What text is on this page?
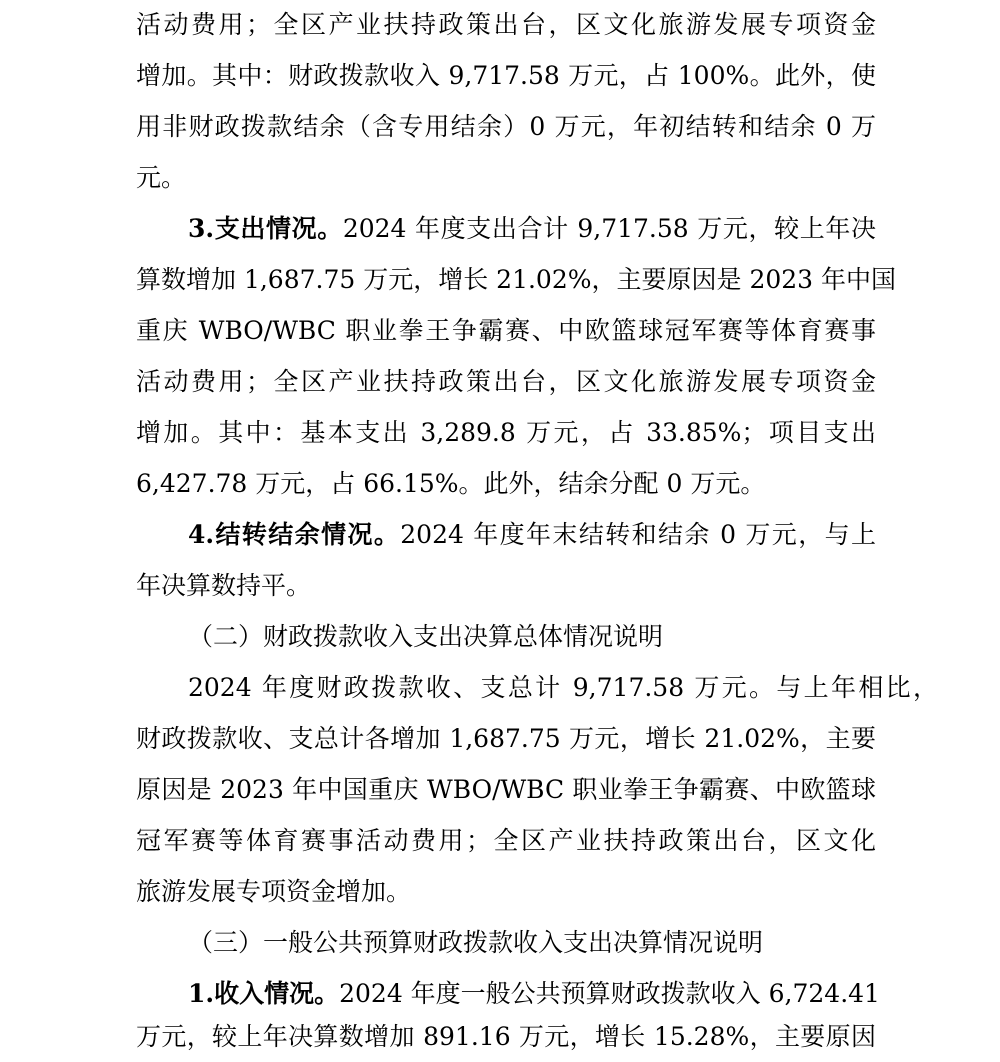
活动费用；全区产业扶持政策出台，区文化旅游发展专项资金
增加。其中：财政拨款收入 9,717.58 万元，占 100%。此外，使
用非财政拨款结余（含专用结余）0 万元，年初结转和结余 0 万
元。
3.支出情况。2024 年度支出合计 9,717.58 万元，较上年决
算数增加 1,687.75 万元，增长 21.02%，主要原因是 2023 年中国
重庆 WBO/WBC 职业拳王争霸赛、中欧篮球冠军赛等体育赛事
活动费用；全区产业扶持政策出台，区文化旅游发展专项资金
增加。其中：基本支出 3,289.8 万元，占 33.85%；项目支出
6,427.78 万元，占 66.15%。此外，结余分配 0 万元。
4.结转结余情况。2024 年度年末结转和结余 0 万元，与上
年决算数持平。
（二）财政拨款收入支出决算总体情况说明
2024 年度财政拨款收、支总计 9,717.58 万元。与上年相比，
财政拨款收、支总计各增加 1,687.75 万元，增长 21.02%，主要
原因是 2023 年中国重庆 WBO/WBC 职业拳王争霸赛、中欧篮球
冠军赛等体育赛事活动费用；全区产业扶持政策出台，区文化
旅游发展专项资金增加。
（三）一般公共预算财政拨款收入支出决算情况说明
1.收入情况。2024 年度一般公共预算财政拨款收入 6,724.41
万元，较上年决算数增加 891.16 万元，增长 15.28%，主要原因
